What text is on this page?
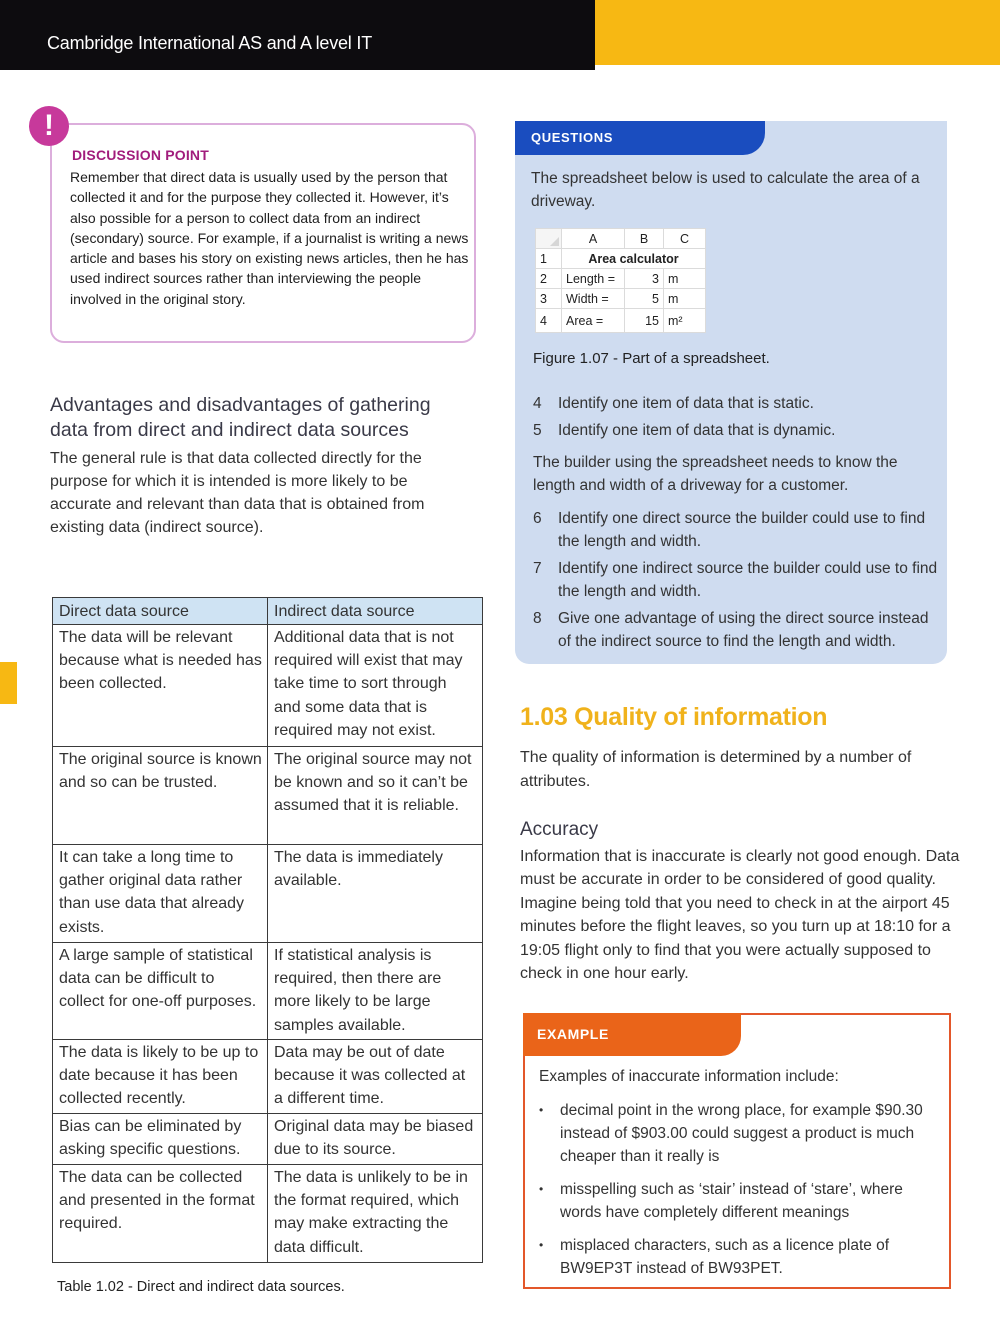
Cambridge International AS and A level IT
DISCUSSION POINT
Remember that direct data is usually used by the person that collected it and for the purpose they collected it. However, it’s also possible for a person to collect data from an indirect (secondary) source. For example, if a journalist is writing a news article and bases his story on existing news articles, then he has used indirect sources rather than interviewing the people involved in the original story.
!
Advantages and disadvantages of gathering data from direct and indirect data sources

The general rule is that data collected directly for the purpose for which it is intended is more likely to be accurate and relevant than data that is obtained from existing data (indirect source).

Direct data source	Indirect data source
The data will be relevant because what is needed has been collected.	Additional data that is not required will exist that may take time to sort through and some data that is required may not exist.
The original source is known and so can be trusted.	The original source may not be known and so it can’t be assumed that it is reliable.
It can take a long time to gather original data rather than use data that already exists.	The data is immediately available.
A large sample of statistical data can be difficult to collect for one-off purposes.	If statistical analysis is required, then there are more likely to be large samples available.
The data is likely to be up to date because it has been collected recently.	Data may be out of date because it was collected at a different time.
Bias can be eliminated by asking specific questions.	Original data may be biased due to its source.
The data can be collected and presented in the format required.	The data is unlikely to be in the format required, which may make extracting the data difficult.
Table 1.02 - Direct and indirect data sources.
QUESTIONS

The spreadsheet below is used to calculate the area of a driveway.

	A	B	C
1	Area calculator		
2	Length =	3	m
3	Width =	5	m
4	Area =	15	m²
Figure 1.07 - Part of a spreadsheet.
4 Identify one item of data that is static.
5 Identify one item of data that is dynamic.

The builder using the spreadsheet needs to know the length and width of a driveway for a customer.

6 Identify one direct source the builder could use to find the length and width.
7 Identify one indirect source the builder could use to find the length and width.
8 Give one advantage of using the direct source instead of the indirect source to find the length and width.
1.03 Quality of information

The quality of information is determined by a number of attributes.

Accuracy

Information that is inaccurate is clearly not good enough. Data must be accurate in order to be considered of good quality. Imagine being told that you need to check in at the airport 45 minutes before the flight leaves, so you turn up at 18:10 for a 19:05 flight only to find that you were actually supposed to check in one hour early.

EXAMPLE
Examples of inaccurate information include:
• decimal point in the wrong place, for example $90.30 instead of $903.00 could suggest a product is much cheaper than it really is
• misspelling such as ‘stair’ instead of ‘stare’, where words have completely different meanings
• misplaced characters, such as a licence plate of BW9EP3T instead of BW93PET.
